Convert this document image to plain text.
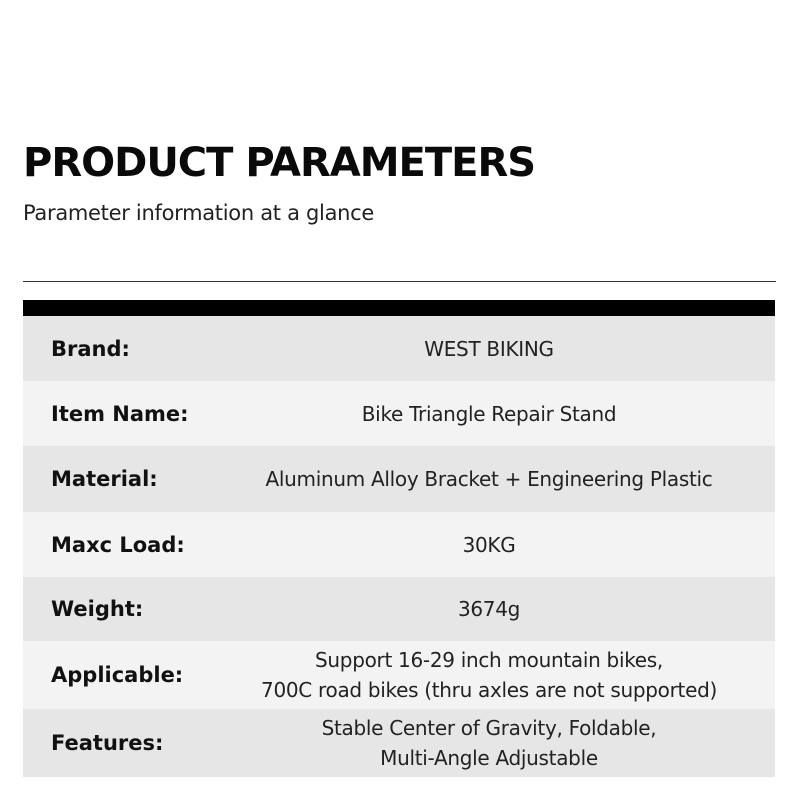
PRODUCT PARAMETERS

Parameter information at a glance

Brand:	WEST BIKING
Item Name:	Bike Triangle Repair Stand
Material:	Aluminum Alloy Bracket + Engineering Plastic
Maxc Load:	30KG
Weight:	3674g
Applicable:
Support 16-29 inch mountain bikes,
700C road bikes (thru axles are not supported)
Features:
Stable Center of Gravity, Foldable,
Multi-Angle Adjustable
